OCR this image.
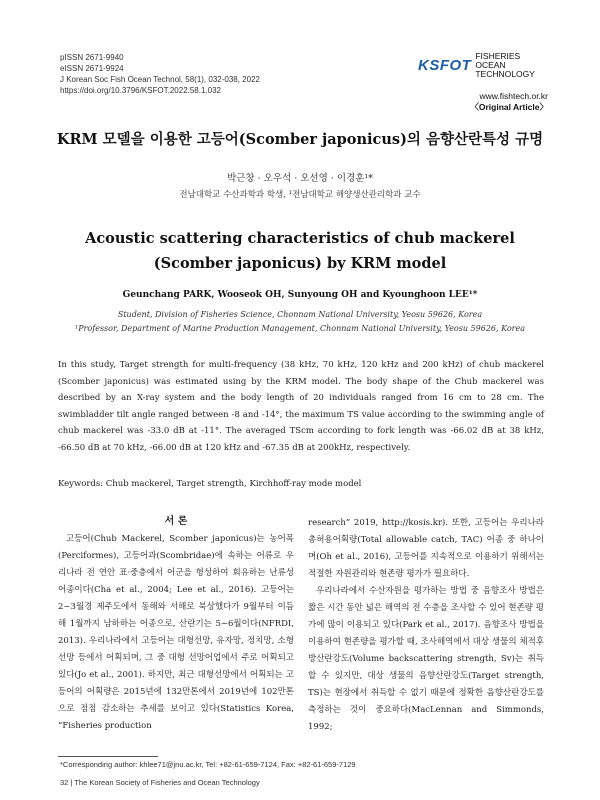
pISSN 2671-9940
eISSN 2671-9924
J Korean Soc Fish Ocean Technol, 58(1), 032-038, 2022
https://doi.org/10.3796/KSFOT.2022.58.1.032
KSFOT
FISHERIES OCEAN
TECHNOLOGY
www.fishtech.or.kr
〈Original Article〉
KRM 모델을 이용한 고등어(Scomber japonicus)의 음향산란특성 규명
박근창 · 오우석 · 오선영 · 이경훈¹*
전남대학교 수산과학과 학생, ¹전남대학교 해양생산관리학과 교수
Acoustic scattering characteristics of chub mackerel (Scomber japonicus) by KRM model
Geunchang PARK, Wooseok OH, Sunyoung OH and Kyounghoon LEE¹*
Student, Division of Fisheries Science, Chonnam National University, Yeosu 59626, Korea
¹Professor, Department of Marine Production Management, Chonnam National University, Yeosu 59626, Korea
In this study, Target strength for multi-frequency (38 kHz, 70 kHz, 120 kHz and 200 kHz) of chub mackerel (Scomber japonicus) was estimated using by the KRM model. The body shape of the Chub mackerel was described by an X-ray system and the body length of 20 individuals ranged from 16 cm to 28 cm. The swimbladder tilt angle ranged between -8 and -14°, the maximum TS value according to the swimming angle of chub mackerel was -33.0 dB at -11°. The averaged TScm according to fork length was -66.02 dB at 38 kHz, -66.50 dB at 70 kHz, -66.00 dB at 120 kHz and -67.35 dB at 200kHz, respectively.
Keywords: Chub mackerel, Target strength, Kirchhoff-ray mode model
서 론

고등어(Chub Mackerel, Scomber japonicus)는 농어목(Perciformes), 고등어과(Scombridae)에 속하는 어류로 우리나라 전 연안 표·중층에서 어군을 형성하여 회유하는 난류성 어종이다(Cha et al., 2004; Lee et al., 2016). 고등어는 2~3월경 제주도에서 동해와 서해로 북상했다가 9월부터 이듬해 1월까지 남하하는 어종으로, 산란기는 5~6월이다(NFRDI, 2013). 우리나라에서 고등어는 대형선망, 유자망, 정치망, 소형선망 등에서 어획되며, 그 중 대형 선망어업에서 주로 어획되고 있다(Jo et al., 2001). 하지만, 최근 대형선망에서 어획되는 고등어의 어획량은 2015년에 132만톤에서 2019년에 102만톤으로 점점 감소하는 추세를 보이고 있다(Statistics Korea, “Fisheries production

research” 2019, http://kosis.kr). 또한, 고등어는 우리나라 총허용어획량(Total allowable catch, TAC) 어종 중 하나이며(Oh et al., 2016), 고등어를 지속적으로 이용하기 위해서는 적절한 자원관리와 현존량 평가가 필요하다.

우리나라에서 수산자원을 평가하는 방법 중 음향조사 방법은 짧은 시간 동안 넓은 해역의 전 수층을 조사할 수 있어 현존량 평가에 많이 이용되고 있다(Park et al., 2017). 음향조사 방법을 이용하여 현존량을 평가할 때, 조사해역에서 대상 생물의 체적후방산란강도(Volume backscattering strength, Sv)는 취득할 수 있지만, 대상 생물의 음향산란강도(Target strength, TS)는 현장에서 취득할 수 없기 때문에 정확한 음향산란강도를 측정하는 것이 중요하다(MacLennan and Simmonds, 1992;

*Corresponding author: khlee71@jnu.ac.kr, Tel: +82-61-659-7124, Fax: +82-61-659-7129
32 | The Korean Society of Fisheries and Ocean Technology
